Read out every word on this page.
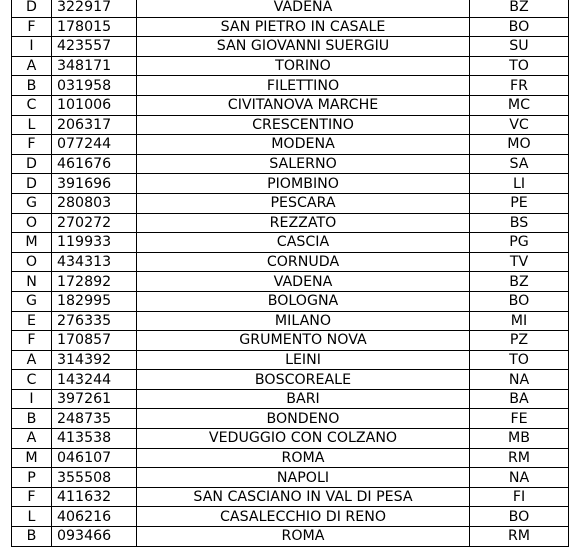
D	322917	VADENA	BZ
F	178015	SAN PIETRO IN CASALE	BO
I	423557	SAN GIOVANNI SUERGIU	SU
A	348171	TORINO	TO
B	031958	FILETTINO	FR
C	101006	CIVITANOVA MARCHE	MC
L	206317	CRESCENTINO	VC
F	077244	MODENA	MO
D	461676	SALERNO	SA
D	391696	PIOMBINO	LI
G	280803	PESCARA	PE
O	270272	REZZATO	BS
M	119933	CASCIA	PG
O	434313	CORNUDA	TV
N	172892	VADENA	BZ
G	182995	BOLOGNA	BO
E	276335	MILANO	MI
F	170857	GRUMENTO NOVA	PZ
A	314392	LEINI	TO
C	143244	BOSCOREALE	NA
I	397261	BARI	BA
B	248735	BONDENO	FE
A	413538	VEDUGGIO CON COLZANO	MB
M	046107	ROMA	RM
P	355508	NAPOLI	NA
F	411632	SAN CASCIANO IN VAL DI PESA	FI
L	406216	CASALECCHIO DI RENO	BO
B	093466	ROMA	RM
